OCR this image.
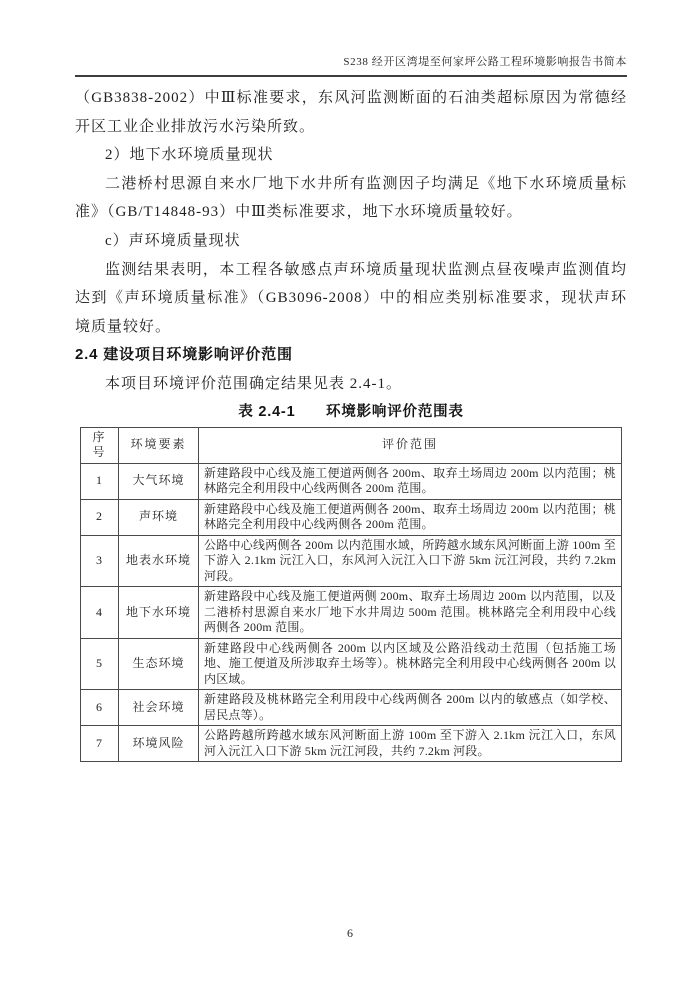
S238 经开区湾堤至何家坪公路工程环境影响报告书简本

（GB3838-2002）中Ⅲ标准要求，东风河监测断面的石油类超标原因为常德经开区工业企业排放污水污染所致。

2）地下水环境质量现状

二港桥村思源自来水厂地下水井所有监测因子均满足《地下水环境质量标准》（GB/T14848-93）中Ⅲ类标准要求，地下水环境质量较好。

c）声环境质量现状

监测结果表明，本工程各敏感点声环境质量现状监测点昼夜噪声监测值均达到《声环境质量标准》（GB3096-2008）中的相应类别标准要求，现状声环境质量较好。

2.4 建设项目环境影响评价范围

本项目环境评价范围确定结果见表 2.4-1。

表 2.4-1　　环境影响评价范围表
序号	环境要素	评价范围
1	大气环境	新建路段中心线及施工便道两侧各 200m、取弃土场周边 200m 以内范围；桃林路完全利用段中心线两侧各 200m 范围。
2	声环境	新建路段中心线及施工便道两侧各 200m、取弃土场周边 200m 以内范围；桃林路完全利用段中心线两侧各 200m 范围。
3	地表水环境	公路中心线两侧各 200m 以内范围水域，所跨越水域东风河断面上游 100m 至下游入 2.1km 沅江入口，东风河入沅江入口下游 5km 沅江河段，共约 7.2km 河段。
4	地下水环境	新建路段中心线及施工便道两侧 200m、取弃土场周边 200m 以内范围，以及二港桥村思源自来水厂地下水井周边 500m 范围。桃林路完全利用段中心线两侧各 200m 范围。
5	生态环境	新建路段中心线两侧各 200m 以内区域及公路沿线动土范围（包括施工场地、施工便道及所涉取弃土场等）。桃林路完全利用段中心线两侧各 200m 以内区域。
6	社会环境	新建路段及桃林路完全利用段中心线两侧各 200m 以内的敏感点（如学校、居民点等）。
7	环境风险	公路跨越所跨越水域东风河断面上游 100m 至下游入 2.1km 沅江入口，东风河入沅江入口下游 5km 沅江河段，共约 7.2km 河段。
6
